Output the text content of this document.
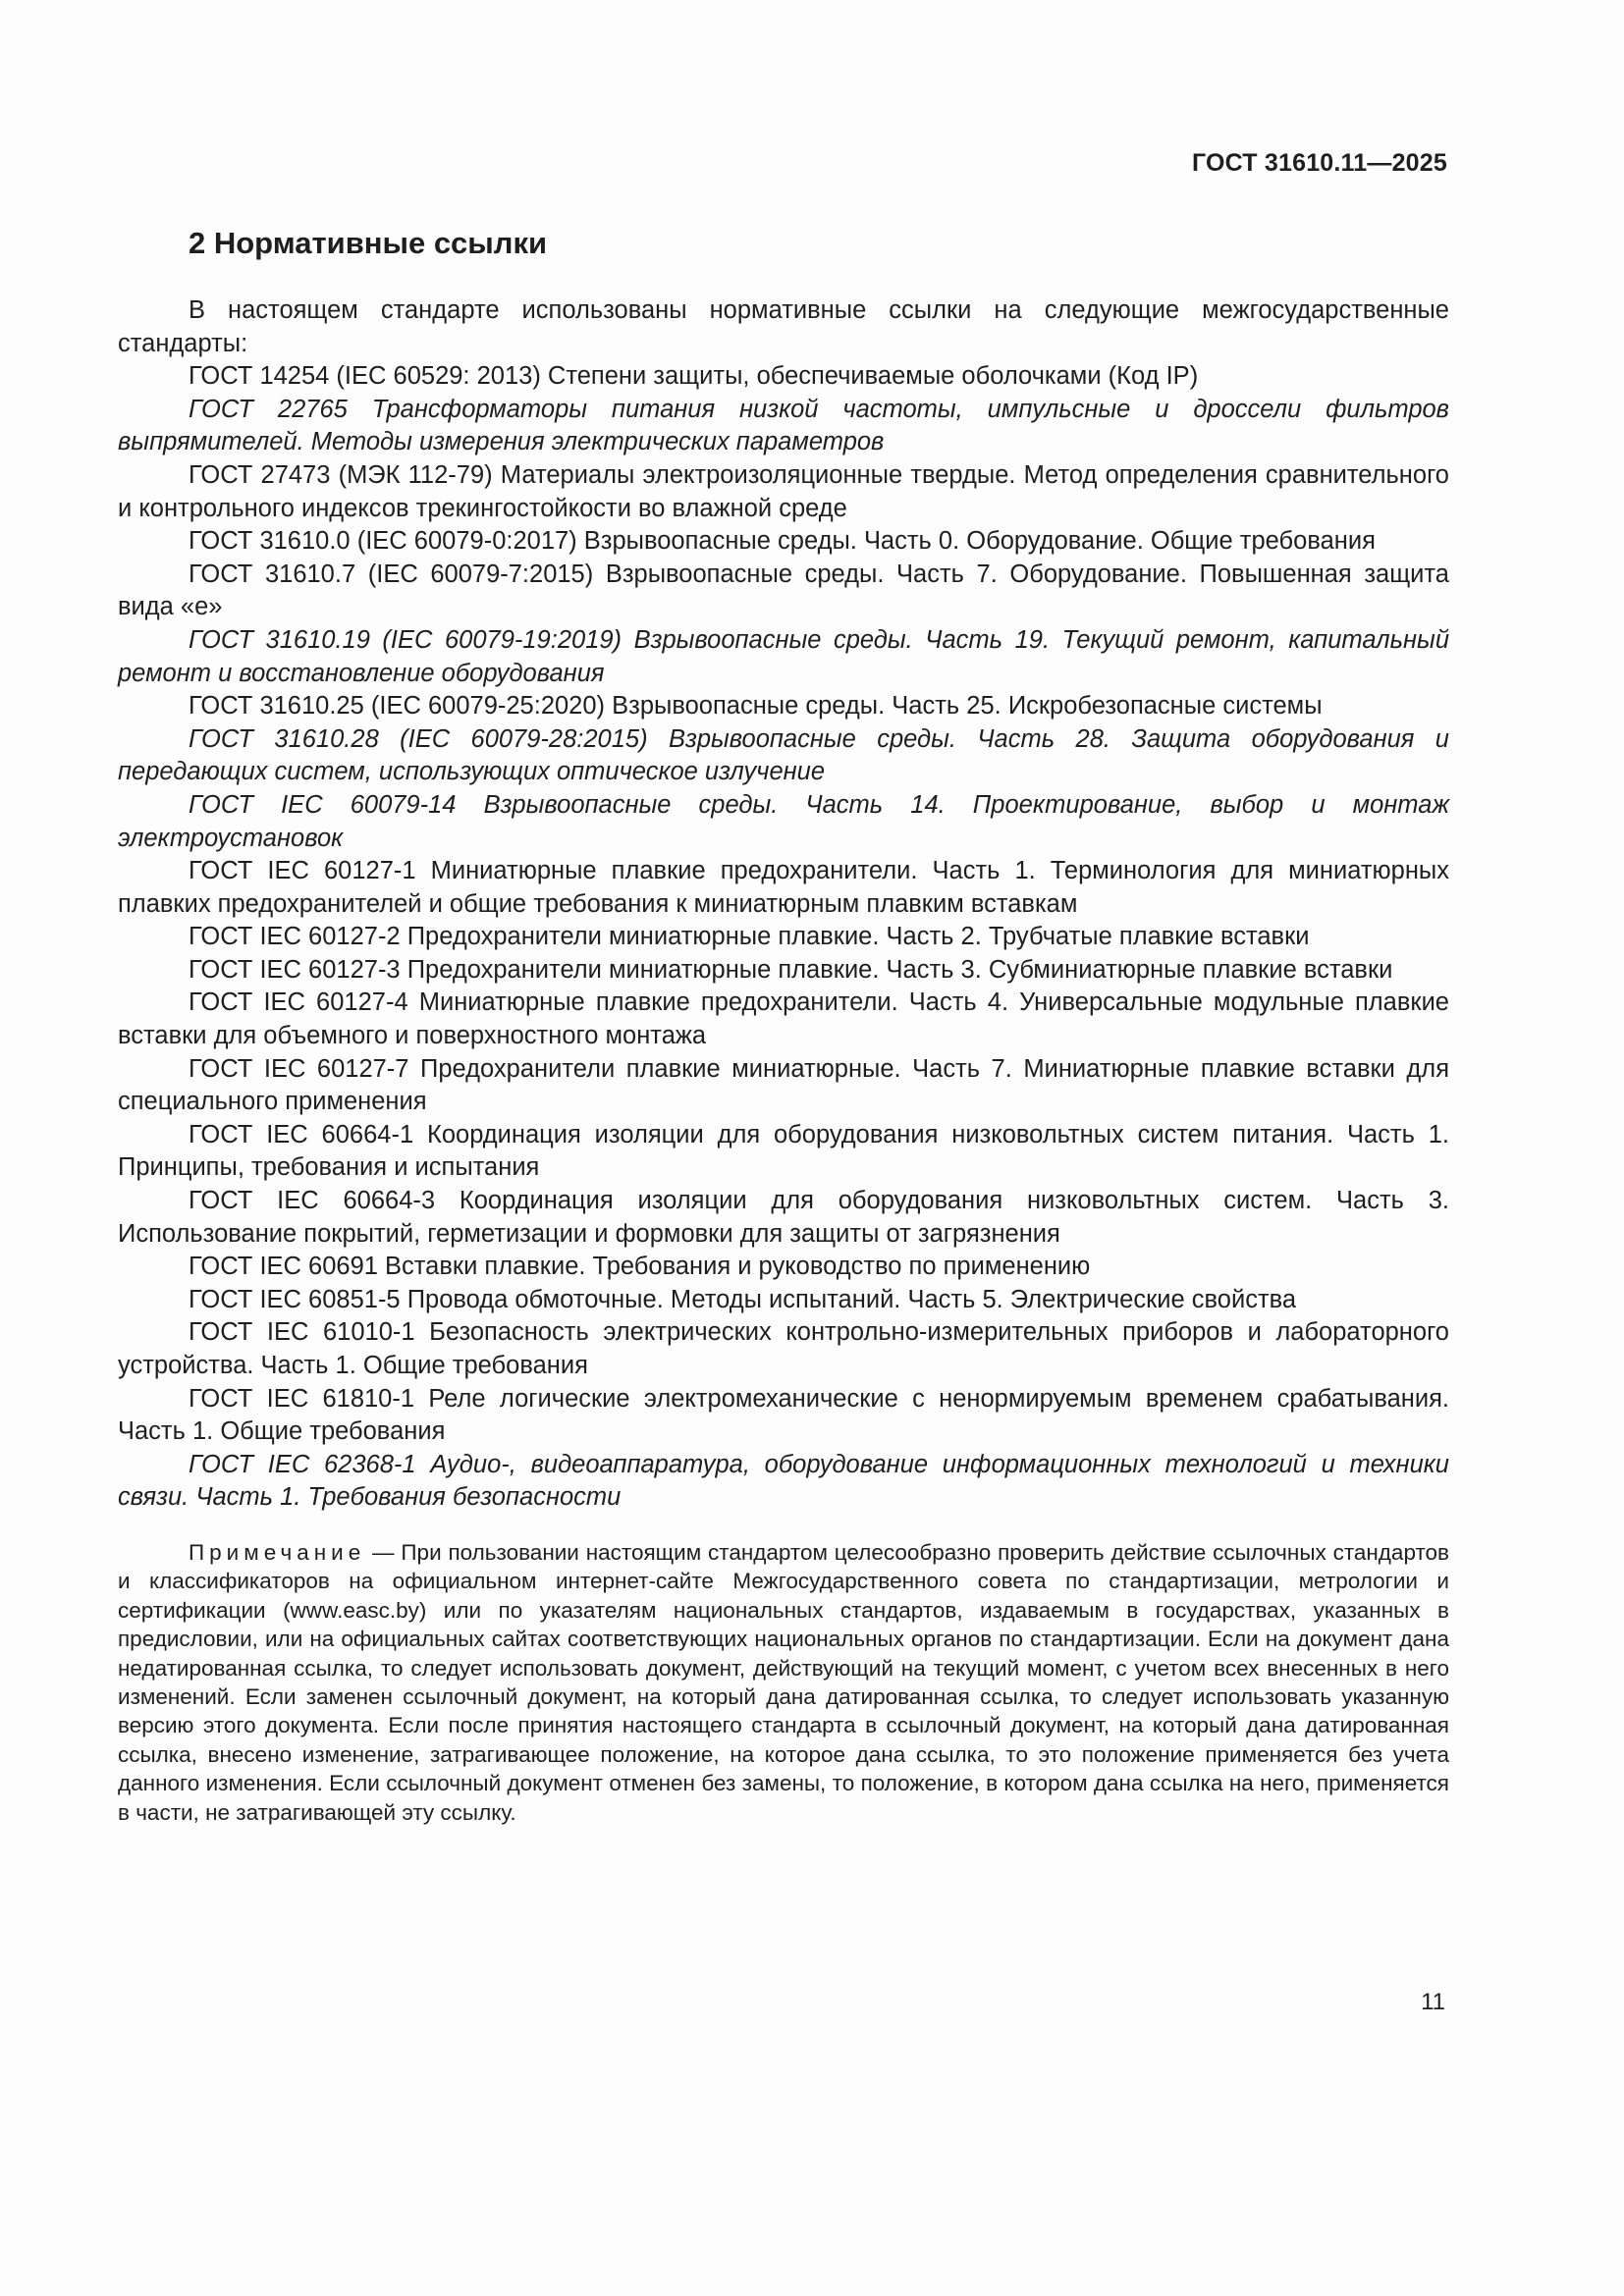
ГОСТ 31610.11—2025
2 Нормативные ссылки

В настоящем стандарте использованы нормативные ссылки на следующие межгосударственные стандарты:

ГОСТ 14254 (IEC 60529: 2013) Степени защиты, обеспечиваемые оболочками (Код IP)

ГОСТ 22765 Трансформаторы питания низкой частоты, импульсные и дроссели фильтров выпрямителей. Методы измерения электрических параметров

ГОСТ 27473 (МЭК 112-79) Материалы электроизоляционные твердые. Метод определения сравнительного и контрольного индексов трекингостойкости во влажной среде

ГОСТ 31610.0 (IEC 60079-0:2017) Взрывоопасные среды. Часть 0. Оборудование. Общие требования

ГОСТ 31610.7 (IEC 60079-7:2015) Взрывоопасные среды. Часть 7. Оборудование. Повышенная защита вида «е»

ГОСТ 31610.19 (IEC 60079-19:2019) Взрывоопасные среды. Часть 19. Текущий ремонт, капитальный ремонт и восстановление оборудования

ГОСТ 31610.25 (IEC 60079-25:2020) Взрывоопасные среды. Часть 25. Искробезопасные системы

ГОСТ 31610.28 (IEC 60079-28:2015) Взрывоопасные среды. Часть 28. Защита оборудования и передающих систем, использующих оптическое излучение

ГОСТ IEC 60079-14 Взрывоопасные среды. Часть 14. Проектирование, выбор и монтаж электроустановок

ГОСТ IEC 60127-1 Миниатюрные плавкие предохранители. Часть 1. Терминология для миниатюрных плавких предохранителей и общие требования к миниатюрным плавким вставкам

ГОСТ IEC 60127-2 Предохранители миниатюрные плавкие. Часть 2. Трубчатые плавкие вставки

ГОСТ IEC 60127-3 Предохранители миниатюрные плавкие. Часть 3. Субминиатюрные плавкие вставки

ГОСТ IEC 60127-4 Миниатюрные плавкие предохранители. Часть 4. Универсальные модульные плавкие вставки для объемного и поверхностного монтажа

ГОСТ IEC 60127-7 Предохранители плавкие миниатюрные. Часть 7. Миниатюрные плавкие вставки для специального применения

ГОСТ IEC 60664-1 Координация изоляции для оборудования низковольтных систем питания. Часть 1. Принципы, требования и испытания

ГОСТ IEC 60664-3 Координация изоляции для оборудования низковольтных систем. Часть 3. Использование покрытий, герметизации и формовки для защиты от загрязнения

ГОСТ IEC 60691 Вставки плавкие. Требования и руководство по применению

ГОСТ IEC 60851-5 Провода обмоточные. Методы испытаний. Часть 5. Электрические свойства

ГОСТ IEC 61010-1 Безопасность электрических контрольно-измерительных приборов и лабораторного устройства. Часть 1. Общие требования

ГОСТ IEC 61810-1 Реле логические электромеханические с ненормируемым временем срабатывания. Часть 1. Общие требования

ГОСТ IEC 62368-1 Аудио-, видеоаппаратура, оборудование информационных технологий и техники связи. Часть 1. Требования безопасности

Примечание — При пользовании настоящим стандартом целесообразно проверить действие ссылочных стандартов и классификаторов на официальном интернет-сайте Межгосударственного совета по стандартизации, метрологии и сертификации (www.easc.by) или по указателям национальных стандартов, издаваемым в государствах, указанных в предисловии, или на официальных сайтах соответствующих национальных органов по стандартизации. Если на документ дана недатированная ссылка, то следует использовать документ, действующий на текущий момент, с учетом всех внесенных в него изменений. Если заменен ссылочный документ, на который дана датированная ссылка, то следует использовать указанную версию этого документа. Если после принятия настоящего стандарта в ссылочный документ, на который дана датированная ссылка, внесено изменение, затрагивающее положение, на которое дана ссылка, то это положение применяется без учета данного изменения. Если ссылочный документ отменен без замены, то положение, в котором дана ссылка на него, применяется в части, не затрагивающей эту ссылку.

11
